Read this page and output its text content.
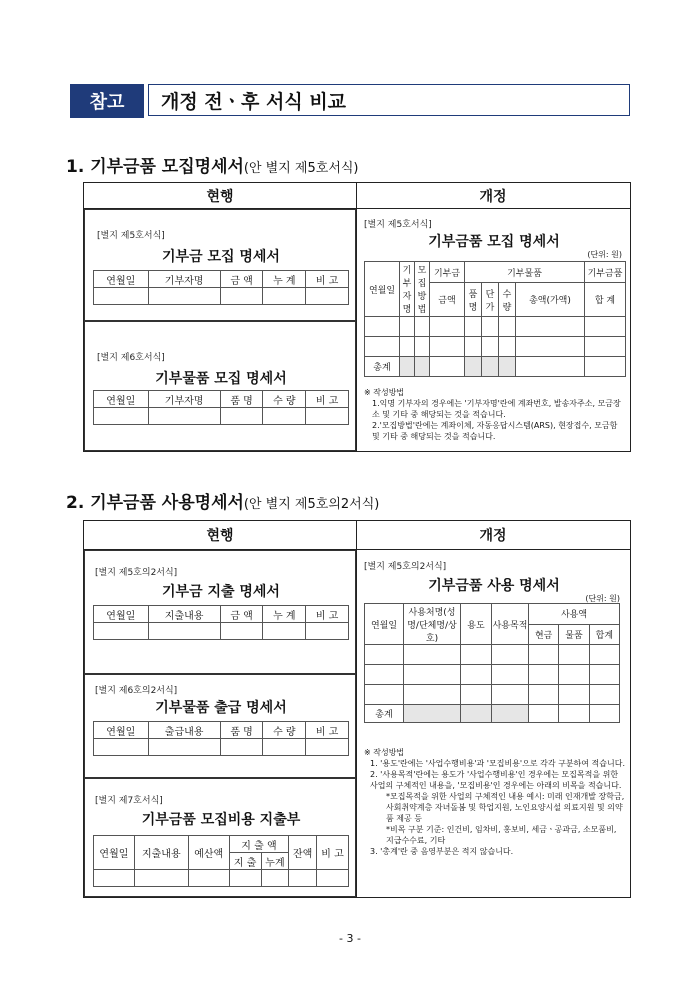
참고	개정 전ㆍ후 서식 비교
1. 기부금품 모집명세서(안 별지 제5호서식)
현행	개정
[별지 제5호서식]
기부금 모집 명세서
연월일	기부자명	금 액	누 계	비 고

[별지 제6호서식]
기부물품 모집 명세서
연월일	기부자명	품 명	수 량	비 고

[별지 제5호서식]
기부금품 모집 명세서
(단위: 원)
연월일	기부자명	모집방법	기부금	기부물품				기부금품
			금액	품명	단가	수량	총액(가액)	합 계

총계								
※ 작성방법
1.익명 기부자의 경우에는 '기부자명'란에 계좌번호, 발송자주소, 모금장소 및 기타 중 해당되는 것을 적습니다.
2.'모집방법'란에는 계좌이체, 자동응답시스템(ARS), 현장접수, 모금함 및 기타 중 해당되는 것을 적습니다.
2. 기부금품 사용명세서(안 별지 제5호의2서식)
현행	개정
[별지 제5호의2서식]
기부금 지출 명세서
연월일	지출내용	금 액	누 계	비 고

[별지 제6호의2서식]
기부물품 출급 명세서
연월일	출급내용	품 명	수 량	비 고

[별지 제7호서식]
기부금품 모집비용 지출부
연월일	지출내용	예산액	지 출 액		잔액	비 고
			지 출	누계		

[별지 제5호의2서식]
기부금품 사용 명세서
(단위: 원)
연월일	사용처명(성명/단체명/상호)	용도	사용목적	사용액		
				현금	물품	합계

총계						
※ 작성방법
1. '용도'란에는 '사업수행비용'과 '모집비용'으로 각각 구분하여 적습니다.
2. '사용목적'란에는 용도가 '사업수행비용'인 경우에는 모집목적을 위한 사업의 구체적인 내용을, '모집비용'인 경우에는 아래의 비목을 적습니다.
*모집목적을 위한 사업의 구체적인 내용 예시: 미래 인재개발 장학금, 사회취약계층 자녀돌봄 및 학업지원, 노인요양시설 의료지원 및 의약품 제공 등
*비목 구분 기준: 인건비, 임차비, 홍보비, 세금ㆍ공과금, 소모품비, 지급수수료, 기타
3. '총계'란 중 음영부분은 적지 않습니다.
- 3 -
